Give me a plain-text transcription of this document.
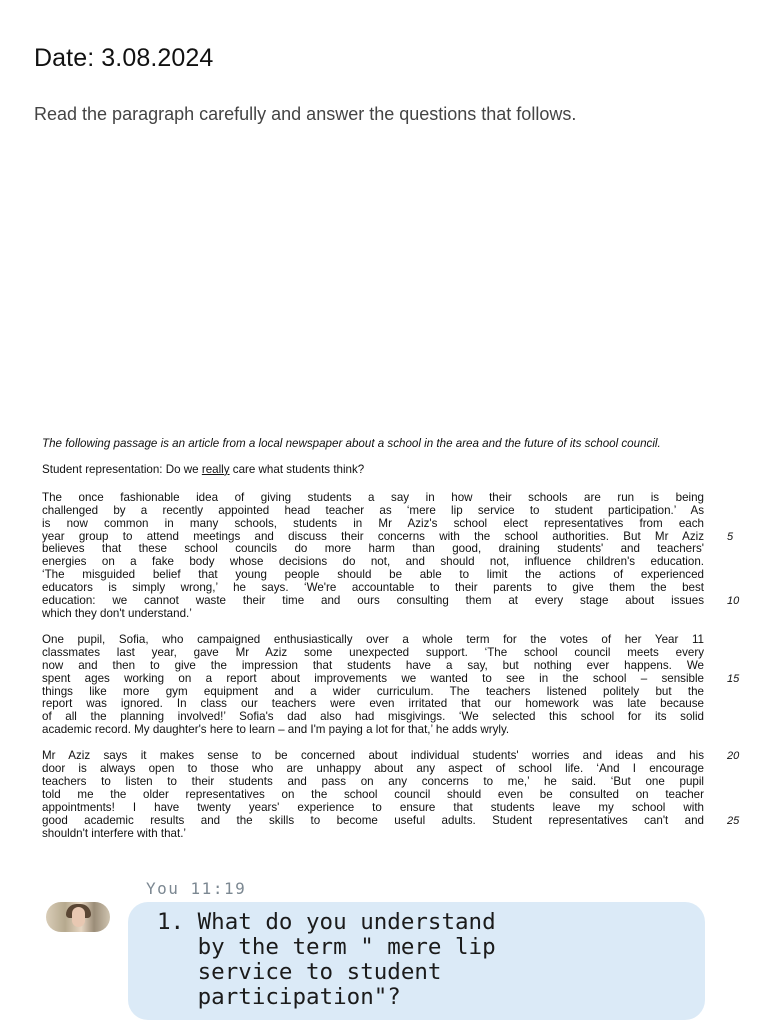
Date: 3.08.2024
Read the paragraph carefully and answer the questions that follows.

The following passage is an article from a local newspaper about a school in the area and the future of its school council.

Student representation: Do we really care what students think?

The once fashionable idea of giving students a say in how their schools are run is being
challenged by a recently appointed head teacher as ‘mere lip service to student participation.’ As
is now common in many schools, students in Mr Aziz's school elect representatives from each
year group to attend meetings and discuss their concerns with the school authorities. But Mr Aziz 5
believes that these school councils do more harm than good, draining students' and teachers'
energies on a fake body whose decisions do not, and should not, influence children's education.
‘The misguided belief that young people should be able to limit the actions of experienced
educators is simply wrong,’ he says. ‘We're accountable to their parents to give them the best
education: we cannot waste their time and ours consulting them at every stage about issues 10
which they don't understand.’
One pupil, Sofia, who campaigned enthusiastically over a whole term for the votes of her Year 11
classmates last year, gave Mr Aziz some unexpected support. ‘The school council meets every
now and then to give the impression that students have a say, but nothing ever happens. We
spent ages working on a report about improvements we wanted to see in the school – sensible 15
things like more gym equipment and a wider curriculum. The teachers listened politely but the
report was ignored. In class our teachers were even irritated that our homework was late because
of all the planning involved!’ Sofia's dad also had misgivings. ‘We selected this school for its solid
academic record. My daughter's here to learn – and I'm paying a lot for that,’ he adds wryly.
Mr Aziz says it makes sense to be concerned about individual students' worries and ideas and his 20
door is always open to those who are unhappy about any aspect of school life. ‘And I encourage
teachers to listen to their students and pass on any concerns to me,’ he said. ‘But one pupil
told me the older representatives on the school council should even be consulted on teacher
appointments! I have twenty years' experience to ensure that students leave my school with
good academic results and the skills to become useful adults. Student representatives can't and 25
shouldn't interfere with that.’
You 11:19
1. What do you understand
by the term " mere lip
service to student
participation"?
